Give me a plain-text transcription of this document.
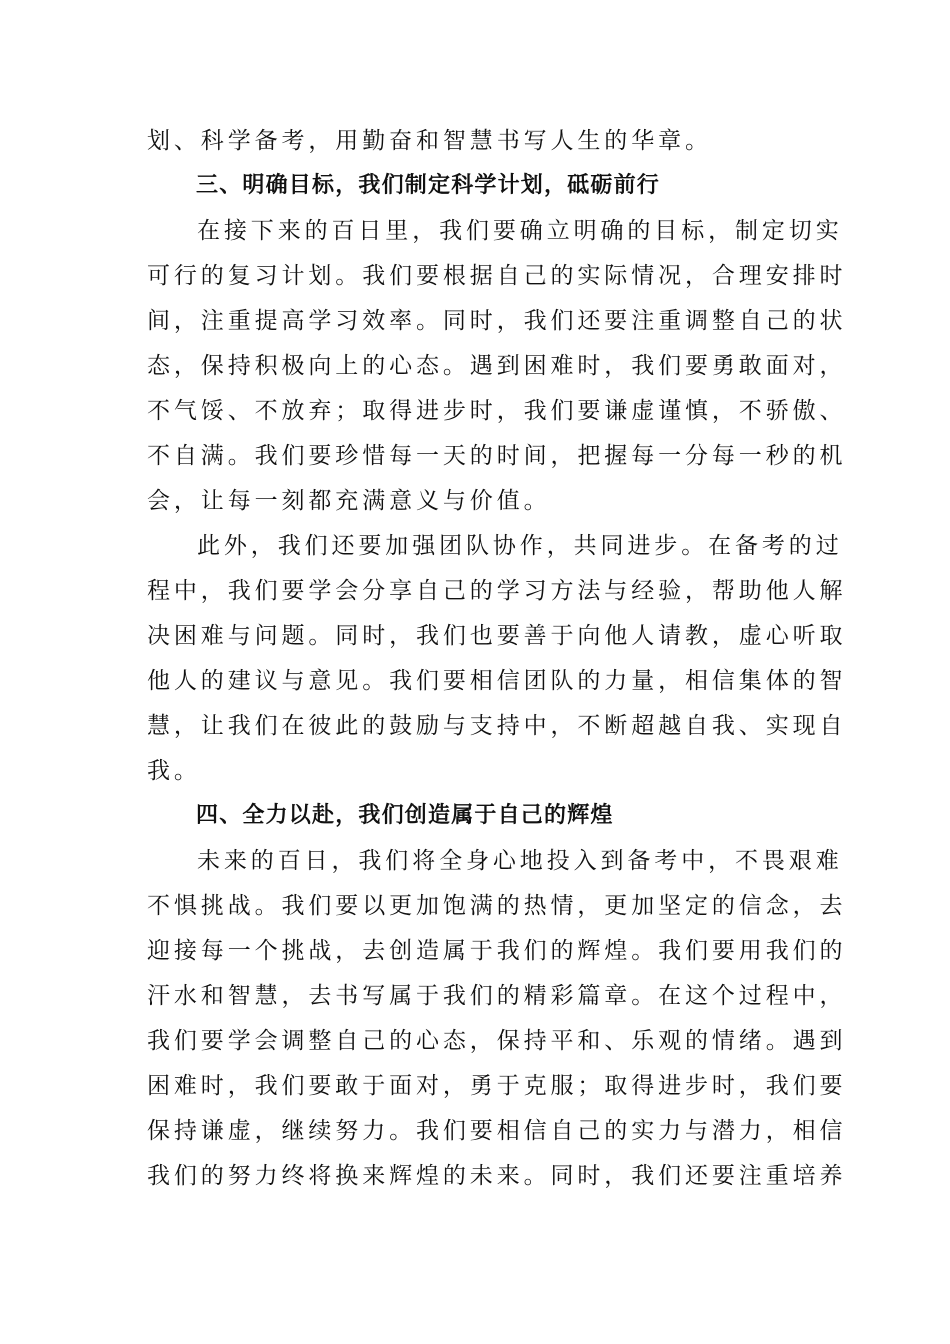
划、科学备考，用勤奋和智慧书写人生的华章。
三、明确目标，我们制定科学计划，砥砺前行
在接下来的百日里，我们要确立明确的目标，制定切实
可行的复习计划。我们要根据自己的实际情况，合理安排时
间，注重提高学习效率。同时，我们还要注重调整自己的状
态，保持积极向上的心态。遇到困难时，我们要勇敢面对，
不气馁、不放弃；取得进步时，我们要谦虚谨慎，不骄傲、
不自满。我们要珍惜每一天的时间，把握每一分每一秒的机
会，让每一刻都充满意义与价值。
此外，我们还要加强团队协作，共同进步。在备考的过
程中，我们要学会分享自己的学习方法与经验，帮助他人解
决困难与问题。同时，我们也要善于向他人请教，虚心听取
他人的建议与意见。我们要相信团队的力量，相信集体的智
慧，让我们在彼此的鼓励与支持中，不断超越自我、实现自
我。
四、全力以赴，我们创造属于自己的辉煌
未来的百日，我们将全身心地投入到备考中，不畏艰难
不惧挑战。我们要以更加饱满的热情，更加坚定的信念，去
迎接每一个挑战，去创造属于我们的辉煌。我们要用我们的
汗水和智慧，去书写属于我们的精彩篇章。在这个过程中，
我们要学会调整自己的心态，保持平和、乐观的情绪。遇到
困难时，我们要敢于面对，勇于克服；取得进步时，我们要
保持谦虚，继续努力。我们要相信自己的实力与潜力，相信
我们的努力终将换来辉煌的未来。同时，我们还要注重培养
